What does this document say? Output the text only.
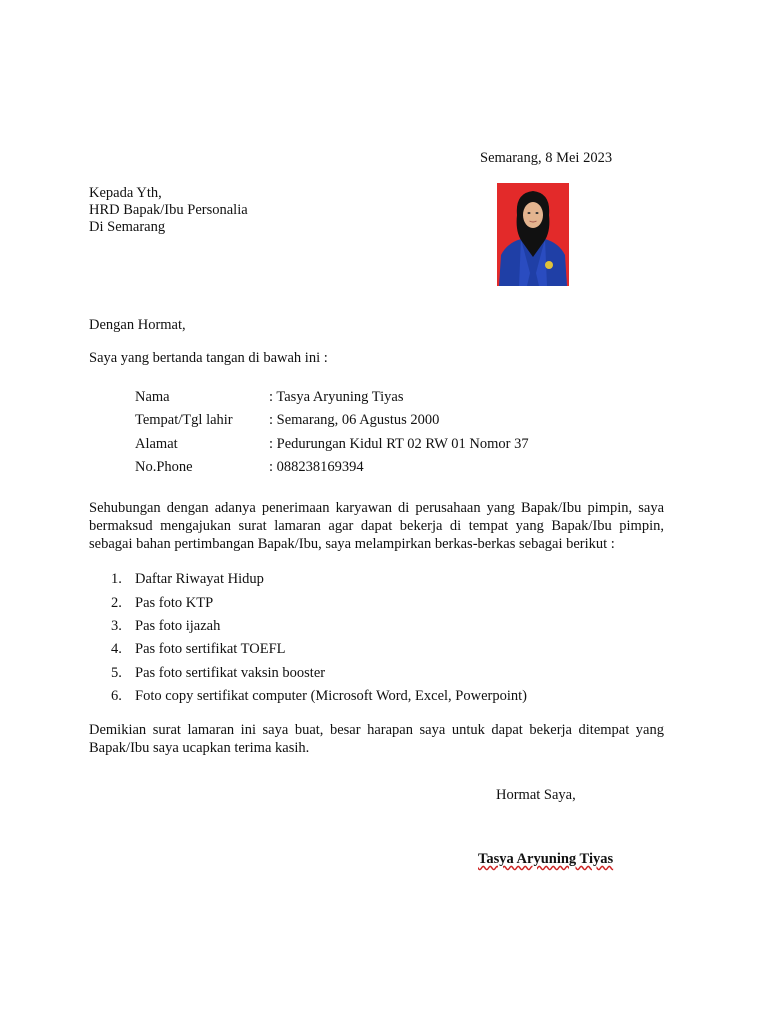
Semarang, 8 Mei 2023
Kepada Yth,
HRD Bapak/Ibu Personalia
Di Semarang
Dengan Hormat,
Saya yang bertanda tangan di bawah ini :
Nama	: Tasya Aryuning Tiyas
Tempat/Tgl lahir	: Semarang, 06 Agustus 2000
Alamat	: Pedurungan Kidul RT 02 RW 01 Nomor 37
No.Phone	: 088238169394
Sehubungan dengan adanya penerimaan karyawan di perusahaan yang Bapak/Ibu pimpin, saya bermaksud mengajukan surat lamaran agar dapat bekerja di tempat yang Bapak/Ibu pimpin, sebagai bahan pertimbangan Bapak/Ibu, saya melampirkan berkas-berkas sebagai berikut :
1. Daftar Riwayat Hidup
2. Pas foto KTP
3. Pas foto ijazah
4. Pas foto sertifikat TOEFL
5. Pas foto sertifikat vaksin booster
6. Foto copy sertifikat computer (Microsoft Word, Excel, Powerpoint)
Demikian surat lamaran ini saya buat, besar harapan saya untuk dapat bekerja ditempat yang Bapak/Ibu saya ucapkan terima kasih.
Hormat Saya,
Tasya Aryuning Tiyas
